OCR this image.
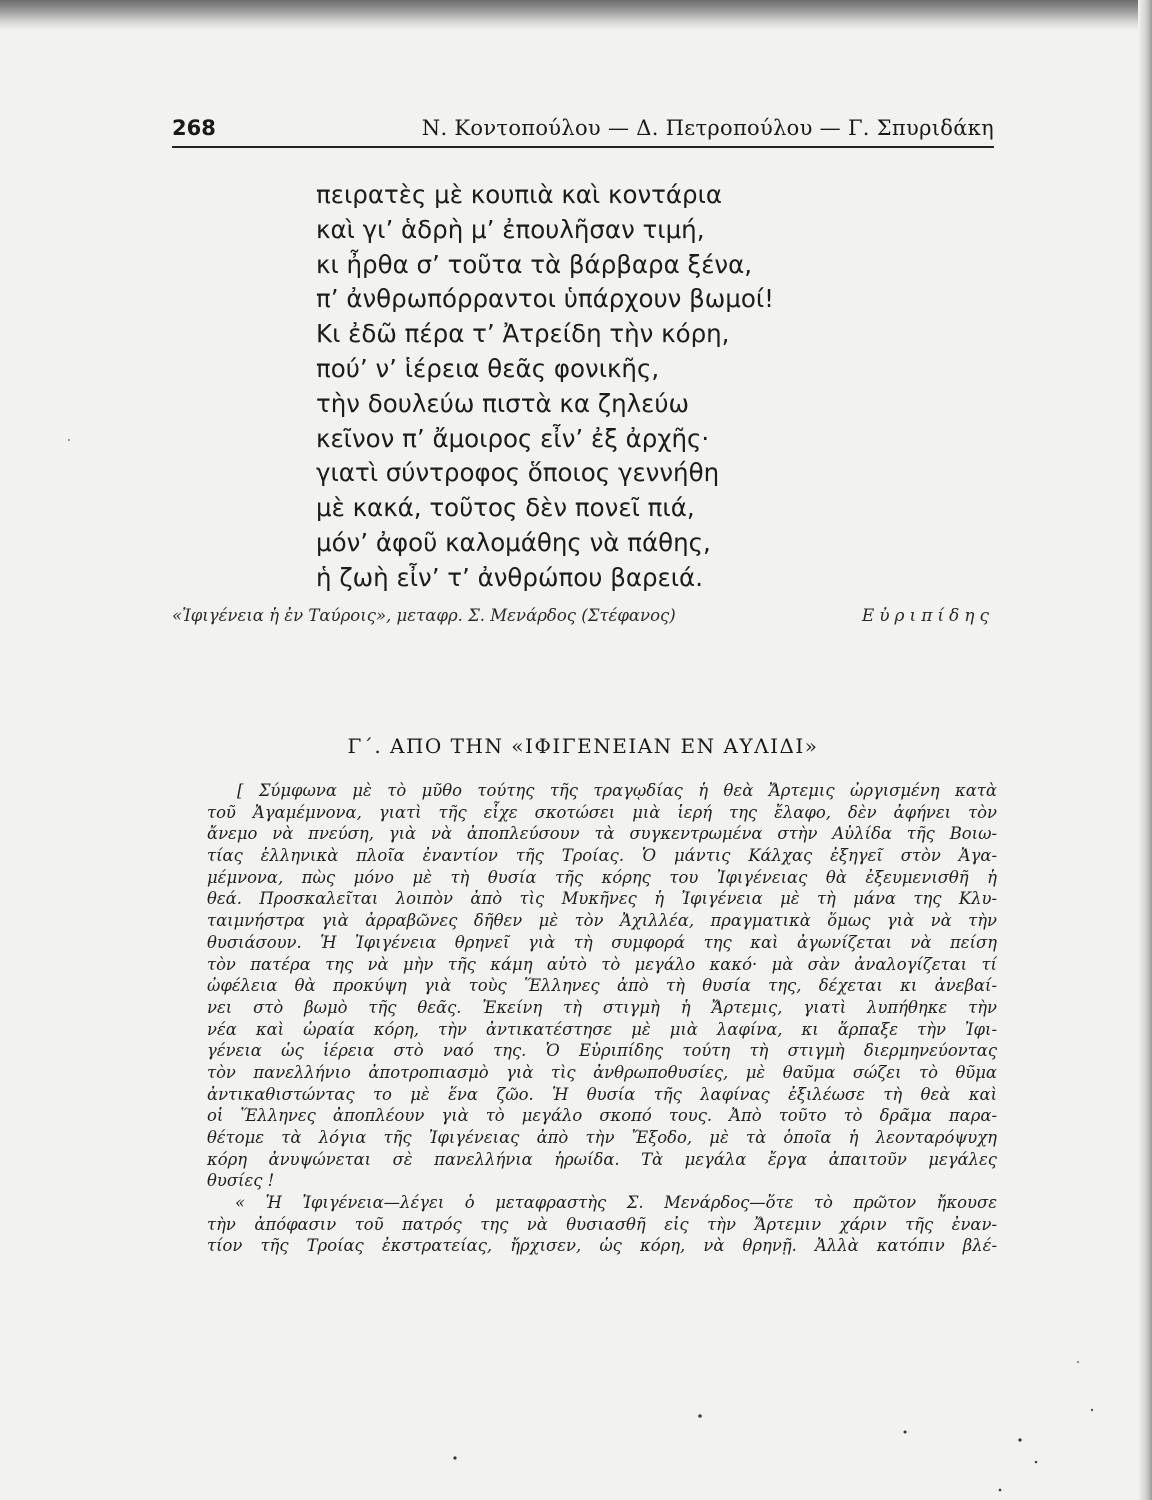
268	Ν. Κοντοπούλου — Δ. Πετροπούλου — Γ. Σπυριδάκη
πειρατὲς μὲ κουπιὰ καὶ κοντάρια
καὶ γι’ ἁδρὴ μ’ ἐπουλῆσαν τιμή,
κι ἦρθα σ’ τοῦτα τὰ βάρβαρα ξένα,
π’ ἀνθρωπόρραντοι ὑπάρχουν βωμοί!
Κι ἐδῶ πέρα τ’ Ἀτρείδη τὴν κόρη,
πού’ ν’ ἱέρεια θεᾶς φονικῆς,
τὴν δουλεύω πιστὰ κα ζηλεύω
κεῖνον π’ ἄμοιρος εἶν’ ἐξ ἀρχῆς·
γιατὶ σύντροφος ὅποιος γεννήθη
μὲ κακά, τοῦτος δὲν πονεῖ πιά,
μόν’ ἀφοῦ καλομάθης νὰ πάθης,
ἡ ζωὴ εἶν’ τ’ ἀνθρώπου βαρειά.
«Ἰφιγένεια ἡ ἐν Ταύροις», μεταφρ. Σ. Μενάρδος (Στέφανος)	Εὐριπίδης
Γ΄. ΑΠΟ ΤΗΝ «ΙΦΙΓΕΝΕΙΑΝ ΕΝ ΑΥΛΙΔΙ»
[ Σύμφωνα μὲ τὸ μῦθο τούτης τῆς τραγῳδίας ἡ θεὰ Ἄρτεμις ὠργισμένη κατὰ
τοῦ Ἀγαμέμνονα, γιατὶ τῆς εἶχε σκοτώσει μιὰ ἱερή της ἔλαφο, δὲν ἀφήνει τὸν
ἄνεμο νὰ πνεύση, γιὰ νὰ ἀποπλεύσουν τὰ συγκεντρωμένα στὴν Αὐλίδα τῆς Βοιω-
τίας ἑλληνικὰ πλοῖα ἐναντίον τῆς Τροίας. Ὁ μάντις Κάλχας ἐξηγεῖ στὸν Ἀγα-
μέμνονα, πὼς μόνο μὲ τὴ θυσία τῆς κόρης του Ἰφιγένειας θὰ ἐξευμενισθῆ ἡ
θεά. Προσκαλεῖται λοιπὸν ἀπὸ τὶς Μυκῆνες ἡ Ἰφιγένεια μὲ τὴ μάνα της Κλυ-
ταιμνήστρα γιὰ ἀρραβῶνες δῆθεν μὲ τὸν Ἀχιλλέα, πραγματικὰ ὅμως γιὰ νὰ τὴν
θυσιάσουν. Ἡ Ἰφιγένεια θρηνεῖ γιὰ τὴ συμφορά της καὶ ἀγωνίζεται νὰ πείση
τὸν πατέρα της νὰ μὴν τῆς κάμη αὐτὸ τὸ μεγάλο κακό· μὰ σὰν ἀναλογίζεται τί
ὠφέλεια θὰ προκύψη γιὰ τοὺς Ἕλληνες ἀπὸ τὴ θυσία της, δέχεται κι ἀνεβαί-
νει στὸ βωμὸ τῆς θεᾶς. Ἐκείνη τὴ στιγμὴ ἡ Ἄρτεμις, γιατὶ λυπήθηκε τὴν
νέα καὶ ὡραία κόρη, τὴν ἀντικατέστησε μὲ μιὰ λαφίνα, κι ἅρπαξε τὴν Ἰφι-
γένεια ὡς ἱέρεια στὸ ναό της. Ὁ Εὐριπίδης τούτη τὴ στιγμὴ διερμηνεύοντας
τὸν πανελλήνιο ἀποτροπιασμὸ γιὰ τὶς ἀνθρωποθυσίες, μὲ θαῦμα σώζει τὸ θῦμα
ἀντικαθιστώντας το μὲ ἕνα ζῶο. Ἡ θυσία τῆς λαφίνας ἐξιλέωσε τὴ θεὰ καὶ
οἱ Ἕλληνες ἀποπλέουν γιὰ τὸ μεγάλο σκοπό τους. Ἀπὸ τοῦτο τὸ δρᾶμα παρα-
θέτομε τὰ λόγια τῆς Ἰφιγένειας ἀπὸ τὴν Ἔξοδο, μὲ τὰ ὁποῖα ἡ λεονταρόψυχη
κόρη ἀνυψώνεται σὲ πανελλήνια ἡρωίδα. Τὰ μεγάλα ἔργα ἀπαιτοῦν μεγάλες
θυσίες !
« Ἡ Ἰφιγένεια—λέγει ὁ μεταφραστὴς Σ. Μενάρδος—ὅτε τὸ πρῶτον ἤκουσε
τὴν ἀπόφασιν τοῦ πατρός της νὰ θυσιασθῆ εἰς τὴν Ἄρτεμιν χάριν τῆς ἐναν-
τίον τῆς Τροίας ἐκστρατείας, ἤρχισεν, ὡς κόρη, νὰ θρηνῇ. Ἀλλὰ κατόπιν βλέ-
